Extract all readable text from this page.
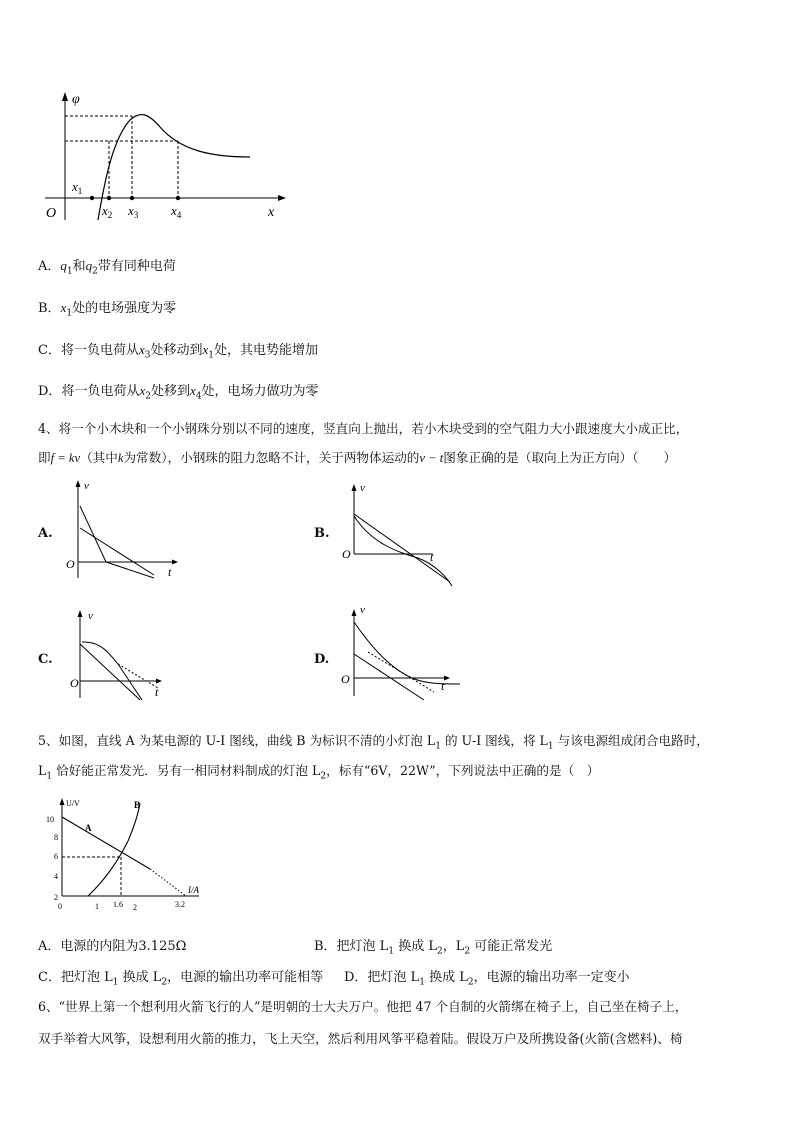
φ
x
O
$x_1$
$x_2$ $x_3$	$x_4$
A．$q_1$和$q_2$带有同种电荷
B．$x_1$处的电场强度为零
C．将一负电荷从$x_3$处移动到$x_1$处，其电势能增加
D．将一负电荷从$x_2$处移到$x_4$处，电场力做功为零
4、将一个小木块和一个小钢珠分别以不同的速度，竖直向上抛出，若小木块受到的空气阻力大小跟速度大小成正比，
即f = kv（其中k为常数），小钢珠的阻力忽略不计，关于两物体运动的v − t图象正确的是（取向上为正方向）（　　）
A.	B.
C.	D.
v
t
O
v
t
O
v
t
O
v
t
O
5、如图，直线 A 为某电源的 U-I 图线，曲线 B 为标识不清的小灯泡 $L_1$ 的 U-I 图线，将 $L_1$ 与该电源组成闭合电路时，
$L_1$ 恰好能正常发光．另有一相同材料制成的灯泡 $L_2$，标有“6V，22W”，下列说法中正确的是（　）
U/V
I/A
10
8
6
4
2
0	1 1.6 2	3.2
A
B
A．电源的内阻为3.125Ω	B．把灯泡 $L_1$ 换成 $L_2$，$L_2$ 可能正常发光
C．把灯泡 $L_1$ 换成 $L_2$，电源的输出功率可能相等 D．把灯泡 $L_1$ 换成 $L_2$，电源的输出功率一定变小
6、“世界上第一个想利用火箭飞行的人”是明朝的士大夫万户。他把 47 个自制的火箭绑在椅子上，自己坐在椅子上，
双手举着大风筝，设想利用火箭的推力，飞上天空，然后利用风筝平稳着陆。假设万户及所携设备(火箭(含燃料)、椅
